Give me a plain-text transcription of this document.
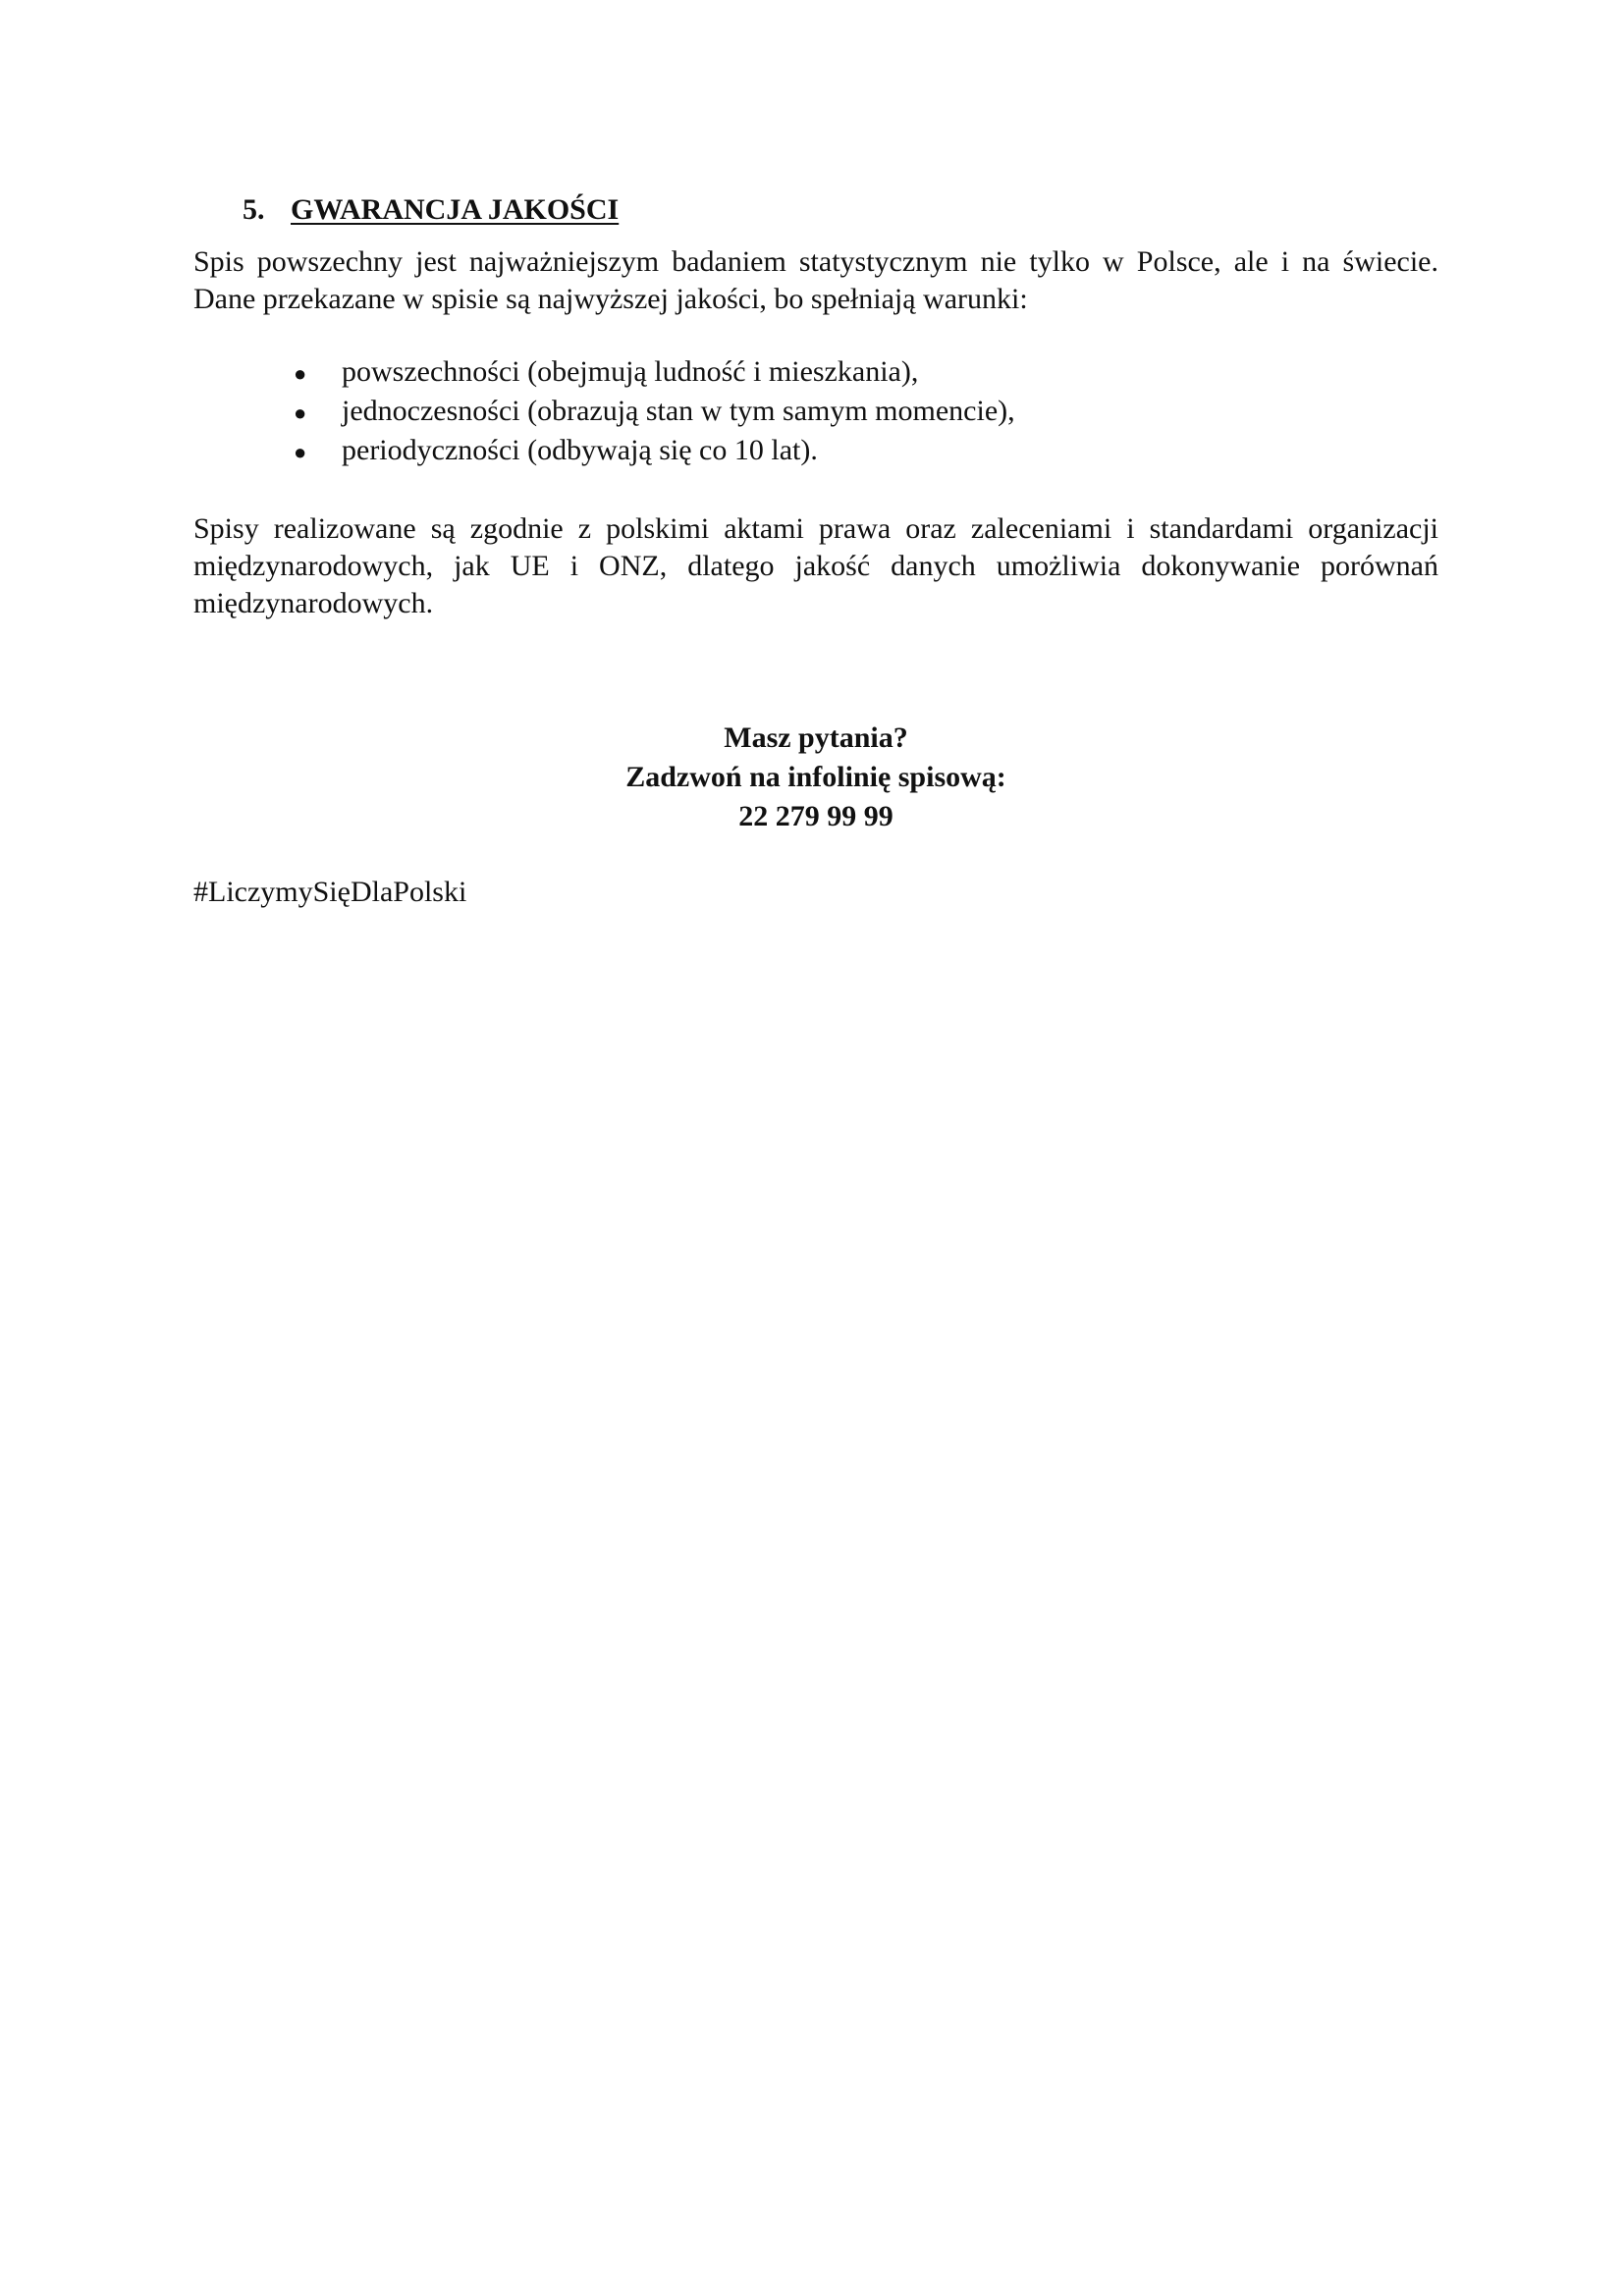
5. GWARANCJA JAKOŚCI

Spis powszechny jest najważniejszym badaniem statystycznym nie tylko w Polsce, ale i na świecie.
Dane przekazane w spisie są najwyższej jakości, bo spełniają warunki:

●	powszechności (obejmują ludność i mieszkania),
●	jednoczesności (obrazują stan w tym samym momencie),
●	periodyczności (odbywają się co 10 lat).

Spisy realizowane są zgodnie z polskimi aktami prawa oraz zaleceniami i standardami organizacji
międzynarodowych, jak UE i ONZ, dlatego jakość danych umożliwia dokonywanie porównań
międzynarodowych.

Masz pytania?
Zadzwoń na infolinię spisową:
22 279 99 99
#LiczymySięDlaPolski
